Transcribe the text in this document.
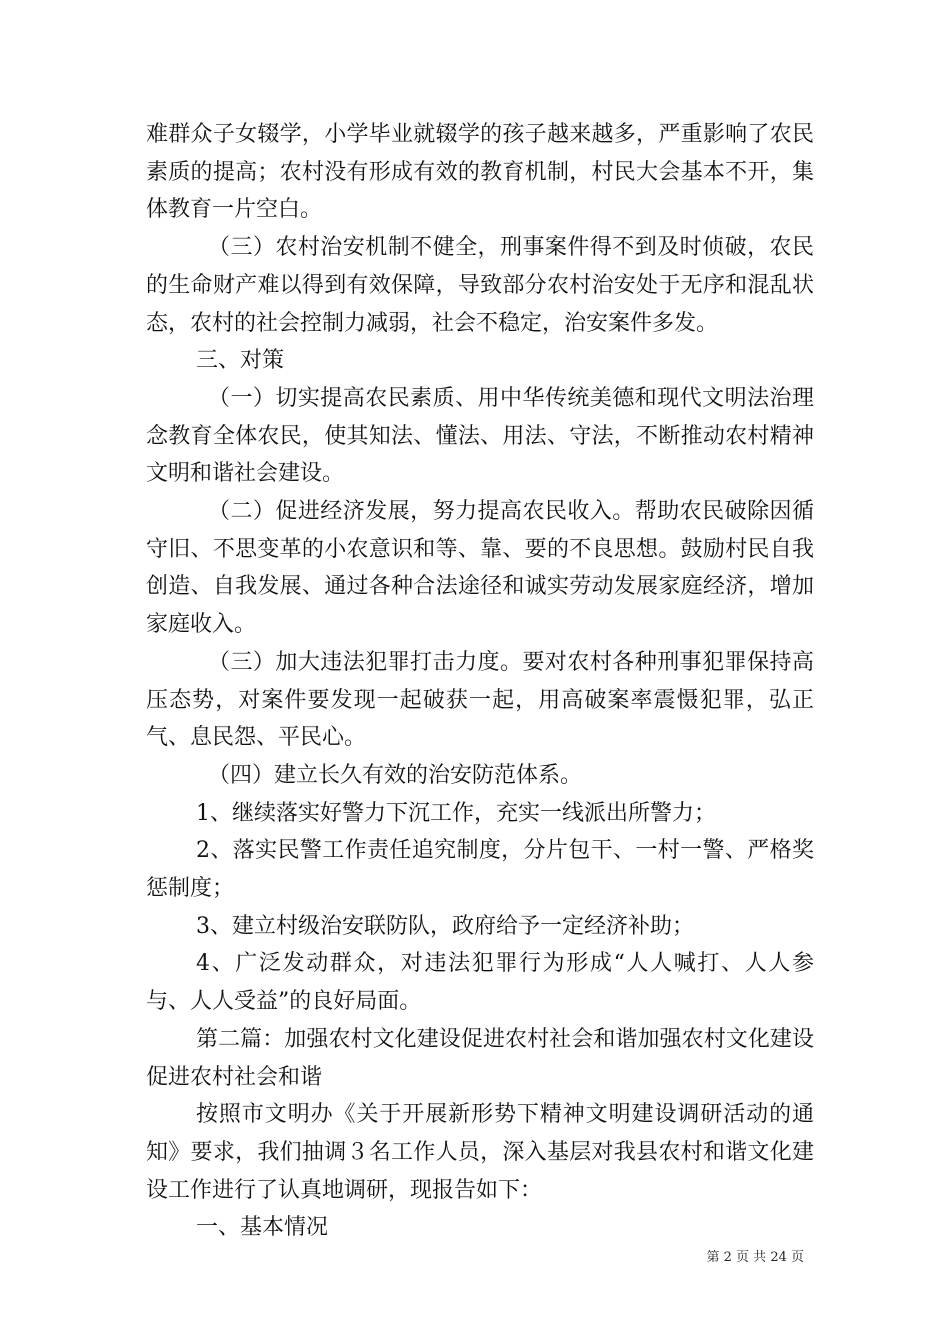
难群众子女辍学，小学毕业就辍学的孩子越来越多，严重影响了农民素质的提高；农村没有形成有效的教育机制，村民大会基本不开，集体教育一片空白。

（三）农村治安机制不健全，刑事案件得不到及时侦破，农民的生命财产难以得到有效保障，导致部分农村治安处于无序和混乱状态，农村的社会控制力减弱，社会不稳定，治安案件多发。

三、对策

（一）切实提高农民素质、用中华传统美德和现代文明法治理念教育全体农民，使其知法、懂法、用法、守法，不断推动农村精神文明和谐社会建设。

（二）促进经济发展，努力提高农民收入。帮助农民破除因循守旧、不思变革的小农意识和等、靠、要的不良思想。鼓励村民自我创造、自我发展、通过各种合法途径和诚实劳动发展家庭经济，增加家庭收入。

（三）加大违法犯罪打击力度。要对农村各种刑事犯罪保持高压态势，对案件要发现一起破获一起，用高破案率震慑犯罪，弘正气、息民怨、平民心。

（四）建立长久有效的治安防范体系。

1、继续落实好警力下沉工作，充实一线派出所警力；

2、落实民警工作责任追究制度，分片包干、一村一警、严格奖惩制度；

3、建立村级治安联防队，政府给予一定经济补助；

4、广泛发动群众，对违法犯罪行为形成“人人喊打、人人参与、人人受益”的良好局面。

第二篇：加强农村文化建设促进农村社会和谐加强农村文化建设促进农村社会和谐

按照市文明办《关于开展新形势下精神文明建设调研活动的通知》要求，我们抽调３名工作人员，深入基层对我县农村和谐文化建设工作进行了认真地调研，现报告如下：

一、基本情况

第 2 页 共 24 页
